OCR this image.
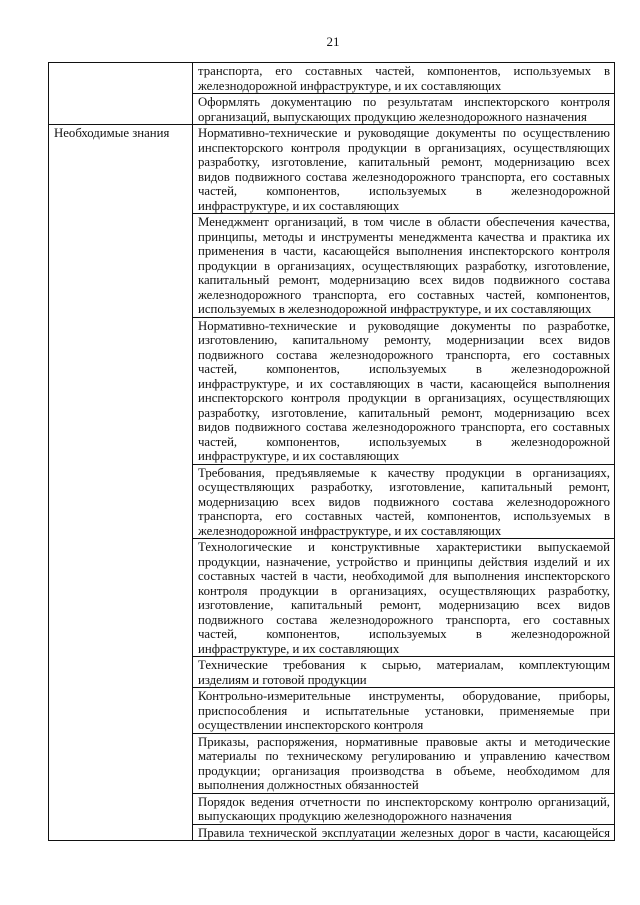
21
транспорта, его составных частей, компонентов, используемых в
железнодорожной инфраструктуре, и их составляющих
Оформлять документацию по результатам инспекторского контроля
организаций, выпускающих продукцию железнодорожного назначения
Необходимые знания	Нормативно-технические и руководящие документы по осуществлению
инспекторского контроля продукции в организациях, осуществляющих
разработку, изготовление, капитальный ремонт, модернизацию всех
видов подвижного состава железнодорожного транспорта, его составных
частей, компонентов, используемых в железнодорожной
инфраструктуре, и их составляющих
Менеджмент организаций, в том числе в области обеспечения качества,
принципы, методы и инструменты менеджмента качества и практика их
применения в части, касающейся выполнения инспекторского контроля
продукции в организациях, осуществляющих разработку, изготовление,
капитальный ремонт, модернизацию всех видов подвижного состава
железнодорожного транспорта, его составных частей, компонентов,
используемых в железнодорожной инфраструктуре, и их составляющих
Нормативно-технические и руководящие документы по разработке,
изготовлению, капитальному ремонту, модернизации всех видов
подвижного состава железнодорожного транспорта, его составных
частей, компонентов, используемых в железнодорожной
инфраструктуре, и их составляющих в части, касающейся выполнения
инспекторского контроля продукции в организациях, осуществляющих
разработку, изготовление, капитальный ремонт, модернизацию всех
видов подвижного состава железнодорожного транспорта, его составных
частей, компонентов, используемых в железнодорожной
инфраструктуре, и их составляющих
Требования, предъявляемые к качеству продукции в организациях,
осуществляющих разработку, изготовление, капитальный ремонт,
модернизацию всех видов подвижного состава железнодорожного
транспорта, его составных частей, компонентов, используемых в
железнодорожной инфраструктуре, и их составляющих
Технологические и конструктивные характеристики выпускаемой
продукции, назначение, устройство и принципы действия изделий и их
составных частей в части, необходимой для выполнения инспекторского
контроля продукции в организациях, осуществляющих разработку,
изготовление, капитальный ремонт, модернизацию всех видов
подвижного состава железнодорожного транспорта, его составных
частей, компонентов, используемых в железнодорожной
инфраструктуре, и их составляющих
Технические требования к сырью, материалам, комплектующим
изделиям и готовой продукции
Контрольно-измерительные инструменты, оборудование, приборы,
приспособления и испытательные установки, применяемые при
осуществлении инспекторского контроля
Приказы, распоряжения, нормативные правовые акты и методические
материалы по техническому регулированию и управлению качеством
продукции; организация производства в объеме, необходимом для
выполнения должностных обязанностей
Порядок ведения отчетности по инспекторскому контролю организаций,
выпускающих продукцию железнодорожного назначения
Правила технической эксплуатации железных дорог в части, касающейся
